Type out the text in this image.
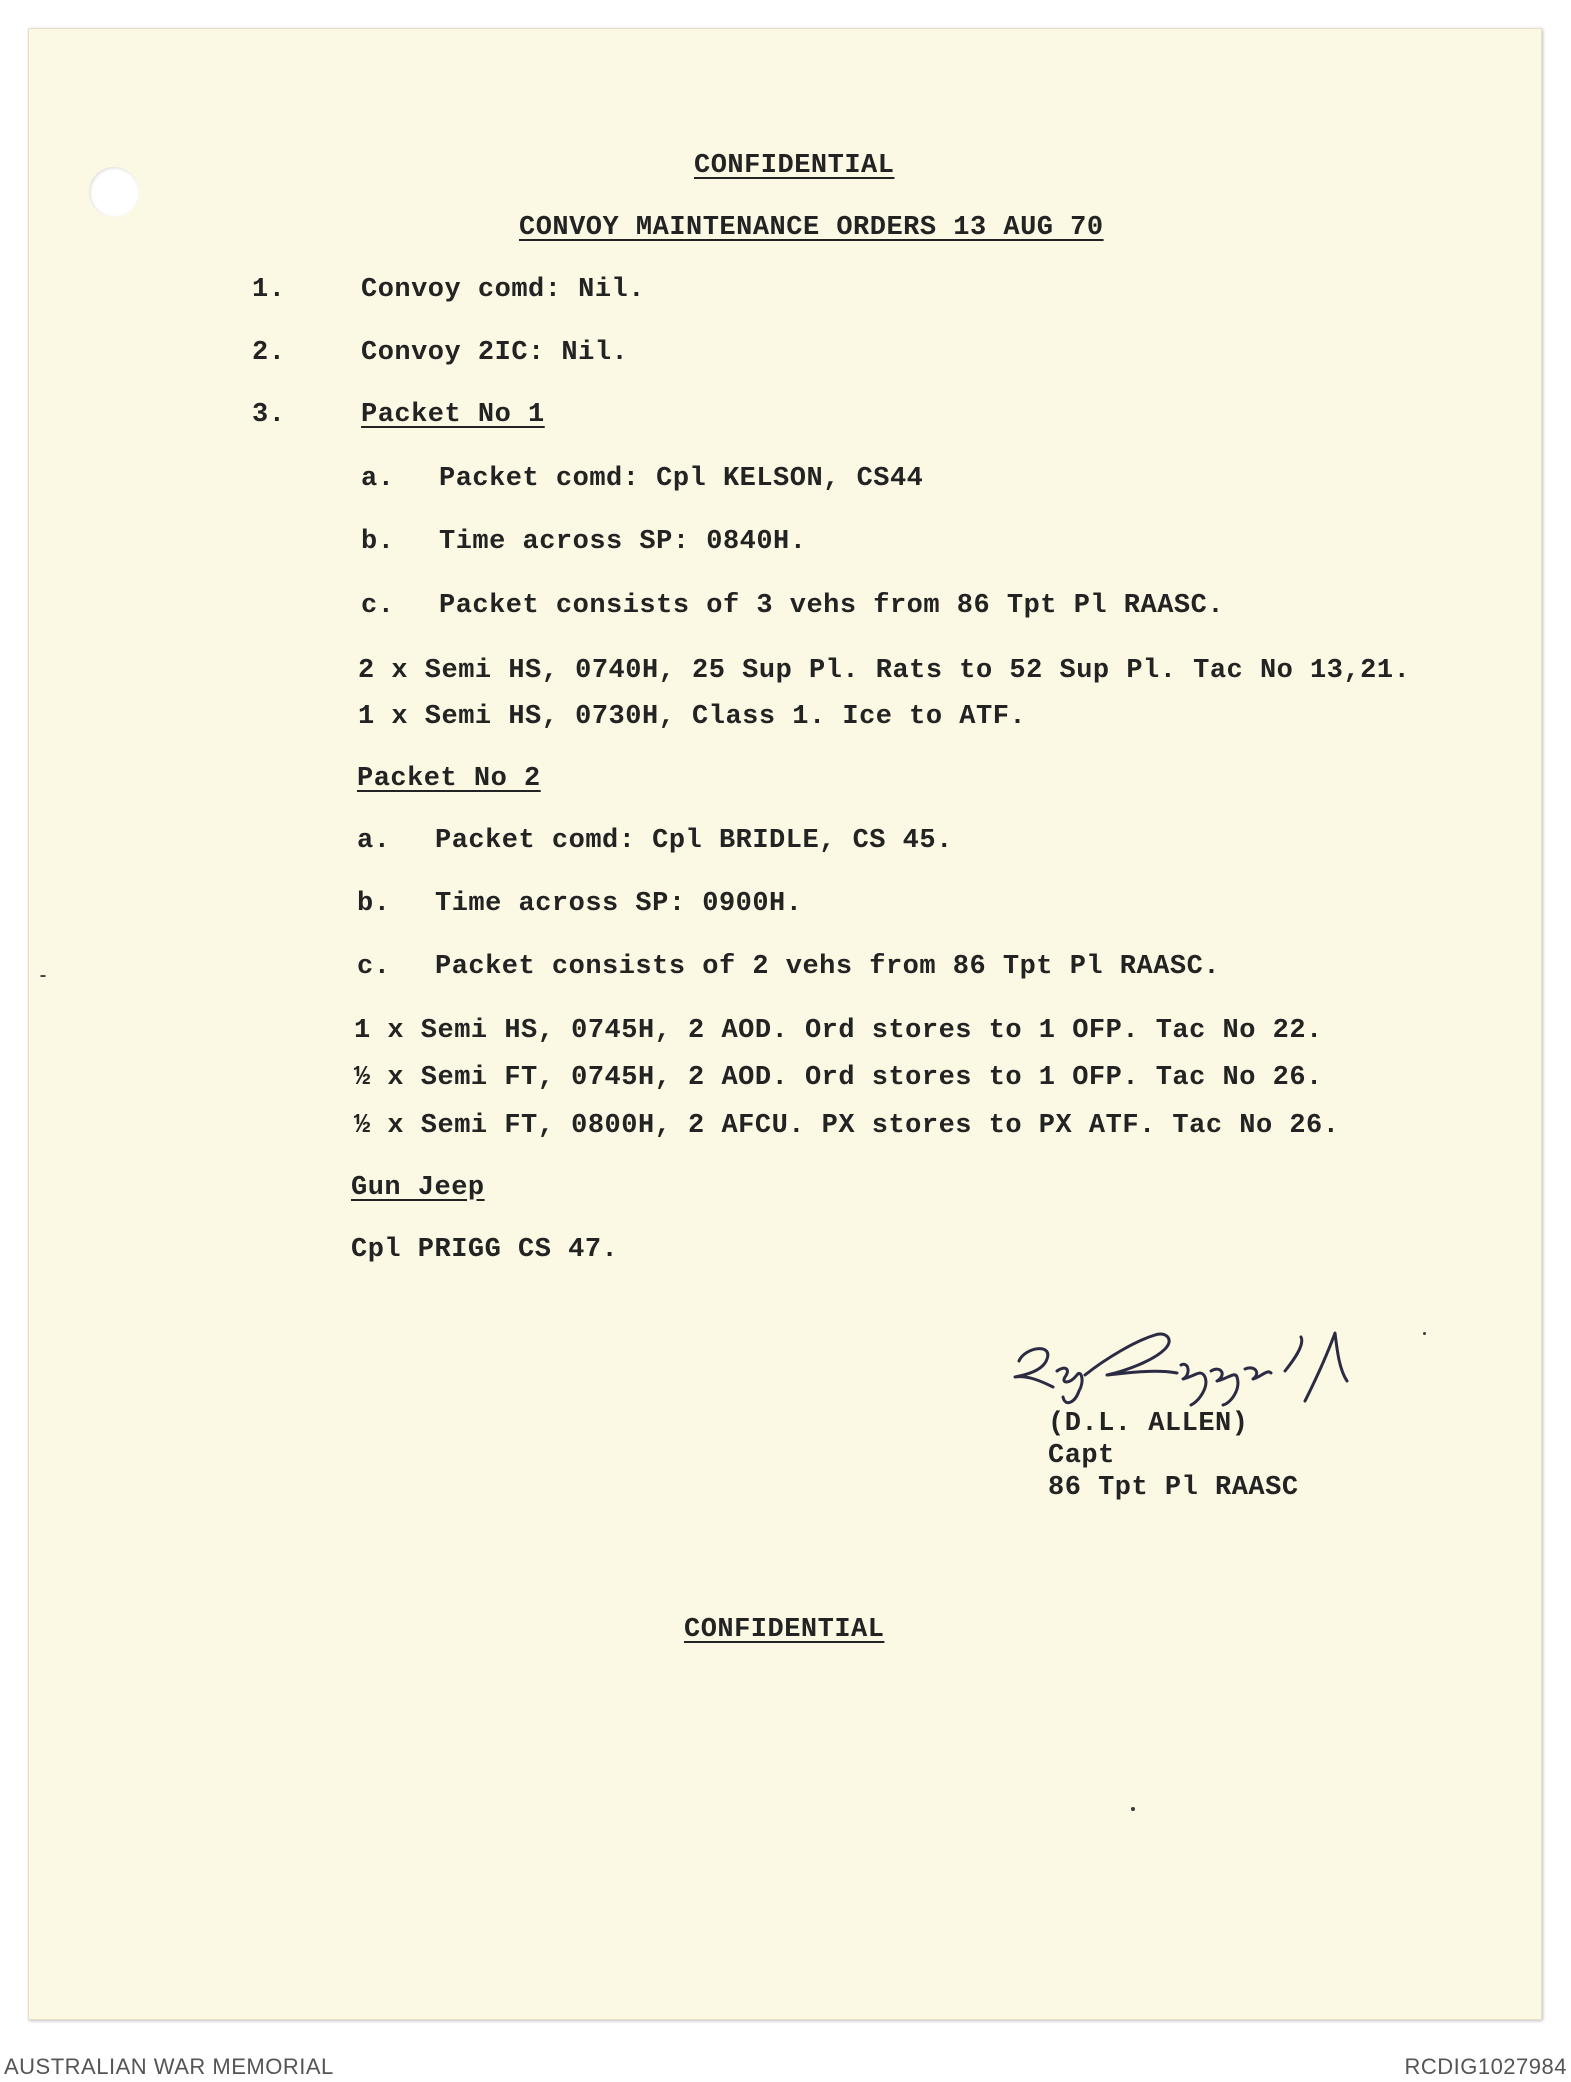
CONFIDENTIAL
CONVOY MAINTENANCE ORDERS 13 AUG 70
1.	Convoy comd: Nil.
2.	Convoy 2IC: Nil.
3.	Packet No 1
a. Packet comd: Cpl KELSON, CS44
b. Time across SP: 0840H.
c. Packet consists of 3 vehs from 86 Tpt Pl RAASC.
2 x Semi HS, 0740H, 25 Sup Pl. Rats to 52 Sup Pl. Tac No 13,21.
1 x Semi HS, 0730H, Class 1. Ice to ATF.
Packet No 2
a. Packet comd: Cpl BRIDLE, CS 45.
b. Time across SP: 0900H.
c. Packet consists of 2 vehs from 86 Tpt Pl RAASC.
1 x Semi HS, 0745H, 2 AOD. Ord stores to 1 OFP. Tac No 22.
½ x Semi FT, 0745H, 2 AOD. Ord stores to 1 OFP. Tac No 26.
½ x Semi FT, 0800H, 2 AFCU. PX stores to PX ATF. Tac No 26.
Gun Jeep
Cpl PRIGG CS 47.
(D.L. ALLEN)
Capt
86 Tpt Pl RAASC
CONFIDENTIAL
AUSTRALIAN WAR MEMORIAL	RCDIG1027984
